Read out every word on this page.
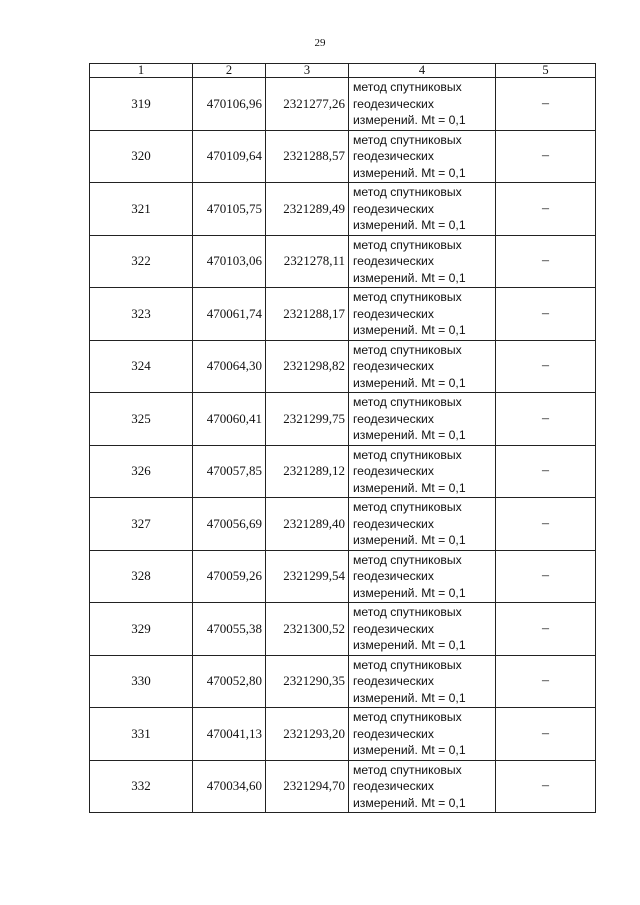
29
1	2	3	4	5
319	470106,96	2321277,26	метод спутниковых
геодезических
измерений. Mt = 0,1	–
320	470109,64	2321288,57	метод спутниковых
геодезических
измерений. Mt = 0,1	–
321	470105,75	2321289,49	метод спутниковых
геодезических
измерений. Mt = 0,1	–
322	470103,06	2321278,11	метод спутниковых
геодезических
измерений. Mt = 0,1	–
323	470061,74	2321288,17	метод спутниковых
геодезических
измерений. Mt = 0,1	–
324	470064,30	2321298,82	метод спутниковых
геодезических
измерений. Mt = 0,1	–
325	470060,41	2321299,75	метод спутниковых
геодезических
измерений. Mt = 0,1	–
326	470057,85	2321289,12	метод спутниковых
геодезических
измерений. Mt = 0,1	–
327	470056,69	2321289,40	метод спутниковых
геодезических
измерений. Mt = 0,1	–
328	470059,26	2321299,54	метод спутниковых
геодезических
измерений. Mt = 0,1	–
329	470055,38	2321300,52	метод спутниковых
геодезических
измерений. Mt = 0,1	–
330	470052,80	2321290,35	метод спутниковых
геодезических
измерений. Mt = 0,1	–
331	470041,13	2321293,20	метод спутниковых
геодезических
измерений. Mt = 0,1	–
332	470034,60	2321294,70	метод спутниковых
геодезических
измерений. Mt = 0,1	–
